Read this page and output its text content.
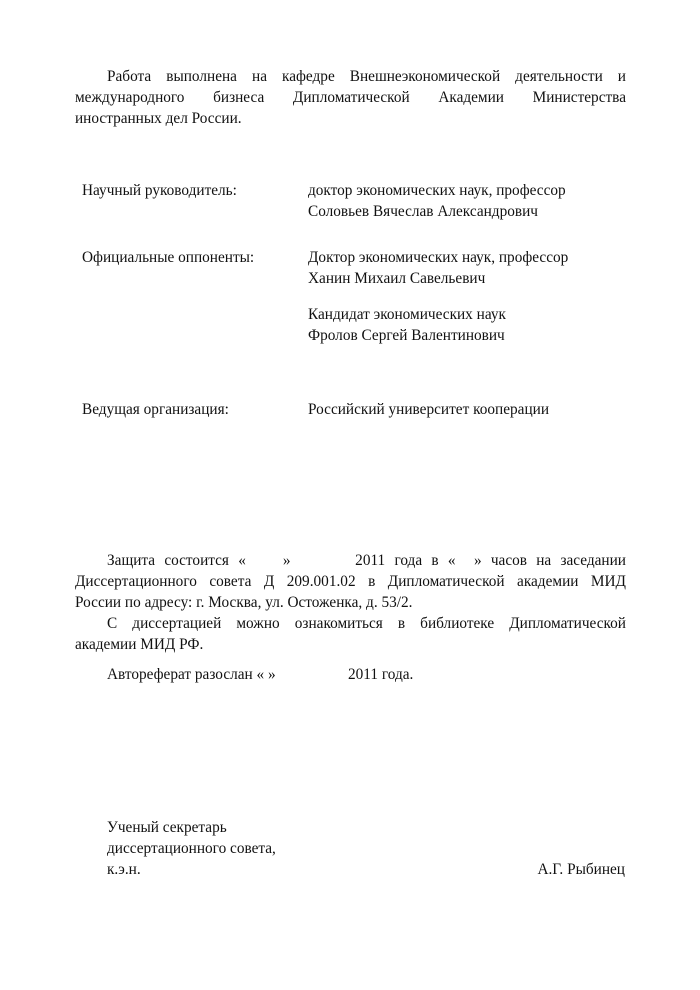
Работа выполнена на кафедре Внешнеэкономической деятельности и
международного бизнеса Дипломатической Академии Министерства
иностранных дел России.
Научный руководитель:	доктор экономических наук, профессор
Соловьев Вячеслав Александрович
Официальные оппоненты:	Доктор экономических наук, профессор
Ханин Михаил Савельевич
Кандидат экономических наук
Фролов Сергей Валентинович
Ведущая организация:	Российский университет кооперации
Защита состоится «    »       2011 года в «  » часов на заседании
Диссертационного совета Д 209.001.02 в Дипломатической академии МИД
России по адресу: г. Москва, ул. Остоженка, д. 53/2.
С диссертацией можно ознакомиться в библиотеке Дипломатической
академии МИД РФ.
Автореферат разослан « »	2011 года.
Ученый секретарь
диссертационного совета,
к.э.н.	А.Г. Рыбинец
